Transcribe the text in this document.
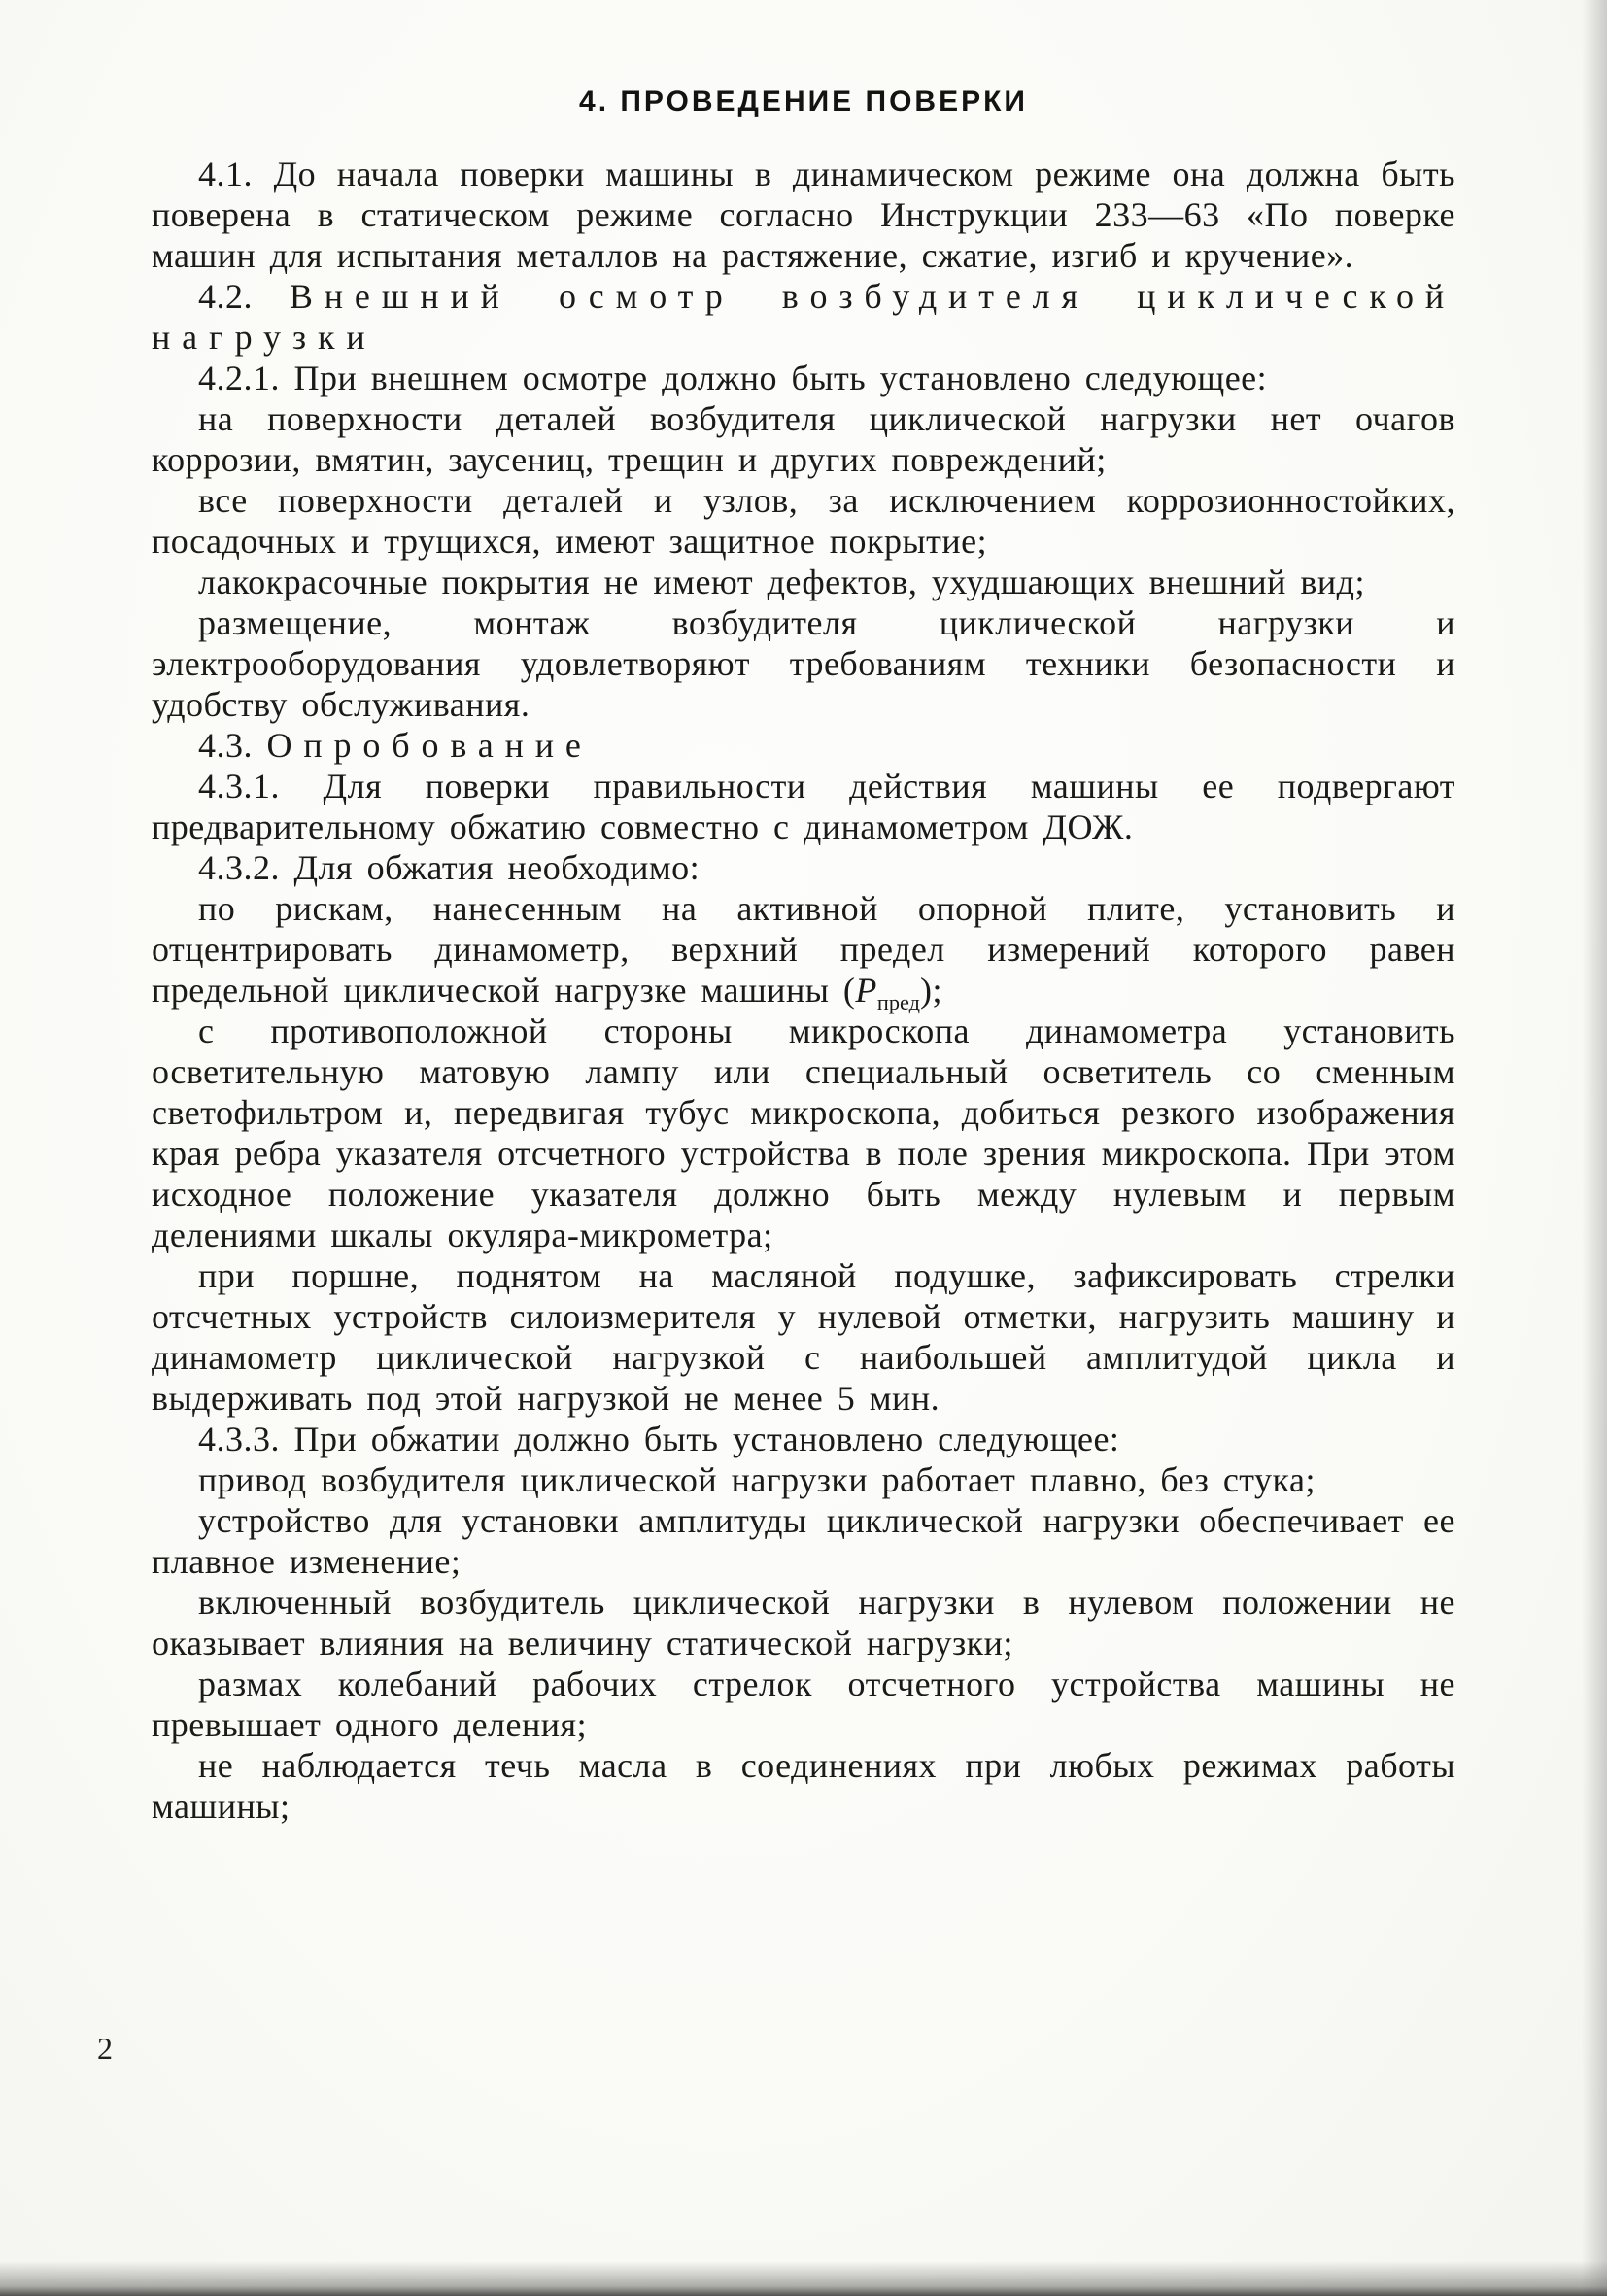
4. ПРОВЕДЕНИЕ ПОВЕРКИ

4.1. До начала поверки машины в динамическом режиме она должна быть поверена в статическом режиме согласно Инструкции 233—63 «По поверке машин для испытания металлов на растяжение, сжатие, изгиб и кручение».

4.2. Внешний осмотр возбудителя циклической нагрузки

4.2.1. При внешнем осмотре должно быть установлено следующее:

на поверхности деталей возбудителя циклической нагрузки нет очагов коррозии, вмятин, заусениц, трещин и других повреждений;

все поверхности деталей и узлов, за исключением коррозионностойких, посадочных и трущихся, имеют защитное покрытие;

лакокрасочные покрытия не имеют дефектов, ухудшающих внешний вид;

размещение, монтаж возбудителя циклической нагрузки и электрооборудования удовлетворяют требованиям техники безопасности и удобству обслуживания.

4.3. Опробование

4.3.1. Для поверки правильности действия машины ее подвергают предварительному обжатию совместно с динамометром ДОЖ.

4.3.2. Для обжатия необходимо:

по рискам, нанесенным на активной опорной плите, установить и отцентрировать динамометр, верхний предел измерений которого равен предельной циклической нагрузке машины $(Р_{пред})$;

с противоположной стороны микроскопа динамометра установить осветительную матовую лампу или специальный осветитель со сменным светофильтром и, передвигая тубус микроскопа, добиться резкого изображения края ребра указателя отсчетного устройства в поле зрения микроскопа. При этом исходное положение указателя должно быть между нулевым и первым делениями шкалы окуляра-микрометра;

при поршне, поднятом на масляной подушке, зафиксировать стрелки отсчетных устройств силоизмерителя у нулевой отметки, нагрузить машину и динамометр циклической нагрузкой с наибольшей амплитудой цикла и выдерживать под этой нагрузкой не менее 5 мин.

4.3.3. При обжатии должно быть установлено следующее:

привод возбудителя циклической нагрузки работает плавно, без стука;

устройство для установки амплитуды циклической нагрузки обеспечивает ее плавное изменение;

включенный возбудитель циклической нагрузки в нулевом положении не оказывает влияния на величину статической нагрузки;

размах колебаний рабочих стрелок отсчетного устройства машины не превышает одного деления;

не наблюдается течь масла в соединениях при любых режимах работы машины;

2
